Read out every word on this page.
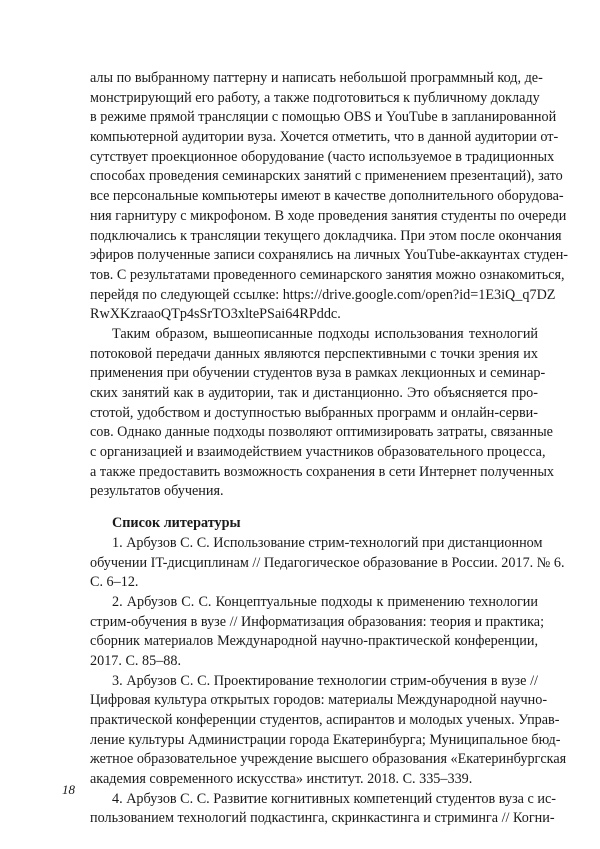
алы по выбранному паттерну и написать небольшой программный код, де-
монстрирующий его работу, а также подготовиться к публичному докладу
в режиме прямой трансляции с помощью OBS и YouTube в запланированной
компьютерной аудитории вуза. Хочется отметить, что в данной аудитории от-
сутствует проекционное оборудование (часто используемое в традиционных
способах проведения семинарских занятий с применением презентаций), зато
все персональные компьютеры имеют в качестве дополнительного оборудова-
ния гарнитуру с микрофоном. В ходе проведения занятия студенты по очереди
подключались к трансляции текущего докладчика. При этом после окончания
эфиров полученные записи сохранялись на личных YouTube-аккаунтах студен-
тов. С результатами проведенного семинарского занятия можно ознакомиться,
перейдя по следующей ссылке: https://drive.google.com/open?id=1E3iQ_q7DZ
RwXKzraaoQTp4sSrTO3xltePSai64RPddc.
Таким образом, вышеописанные подходы использования технологий
потоковой передачи данных являются перспективными с точки зрения их
применения при обучении студентов вуза в рамках лекционных и семинар-
ских занятий как в аудитории, так и дистанционно. Это объясняется про-
стотой, удобством и доступностью выбранных программ и онлайн-серви-
сов. Однако данные подходы позволяют оптимизировать затраты, связанные
с организацией и взаимодействием участников образовательного процесса,
а также предоставить возможность сохранения в сети Интернет полученных
результатов обучения.
Список литературы
1. Арбузов С. С. Использование стрим-технологий при дистанционном
обучении IT-дисциплинам // Педагогическое образование в России. 2017. № 6.
С. 6–12.
2. Арбузов С. С. Концептуальные подходы к применению технологии
стрим-обучения в вузе // Информатизация образования: теория и практика;
сборник материалов Международной научно-практической конференции,
2017. С. 85–88.
3. Арбузов С. С. Проектирование технологии стрим-обучения в вузе //
Цифровая культура открытых городов: материалы Международной научно-
практической конференции студентов, аспирантов и молодых ученых. Управ-
ление культуры Администрации города Екатеринбурга; Муниципальное бюд-
жетное образовательное учреждение высшего образования «Екатеринбургская
академия современного искусства» институт. 2018. С. 335–339.
4. Арбузов С. С. Развитие когнитивных компетенций студентов вуза с ис-
пользованием технологий подкастинга, скринкастинга и стриминга // Когни-
18
